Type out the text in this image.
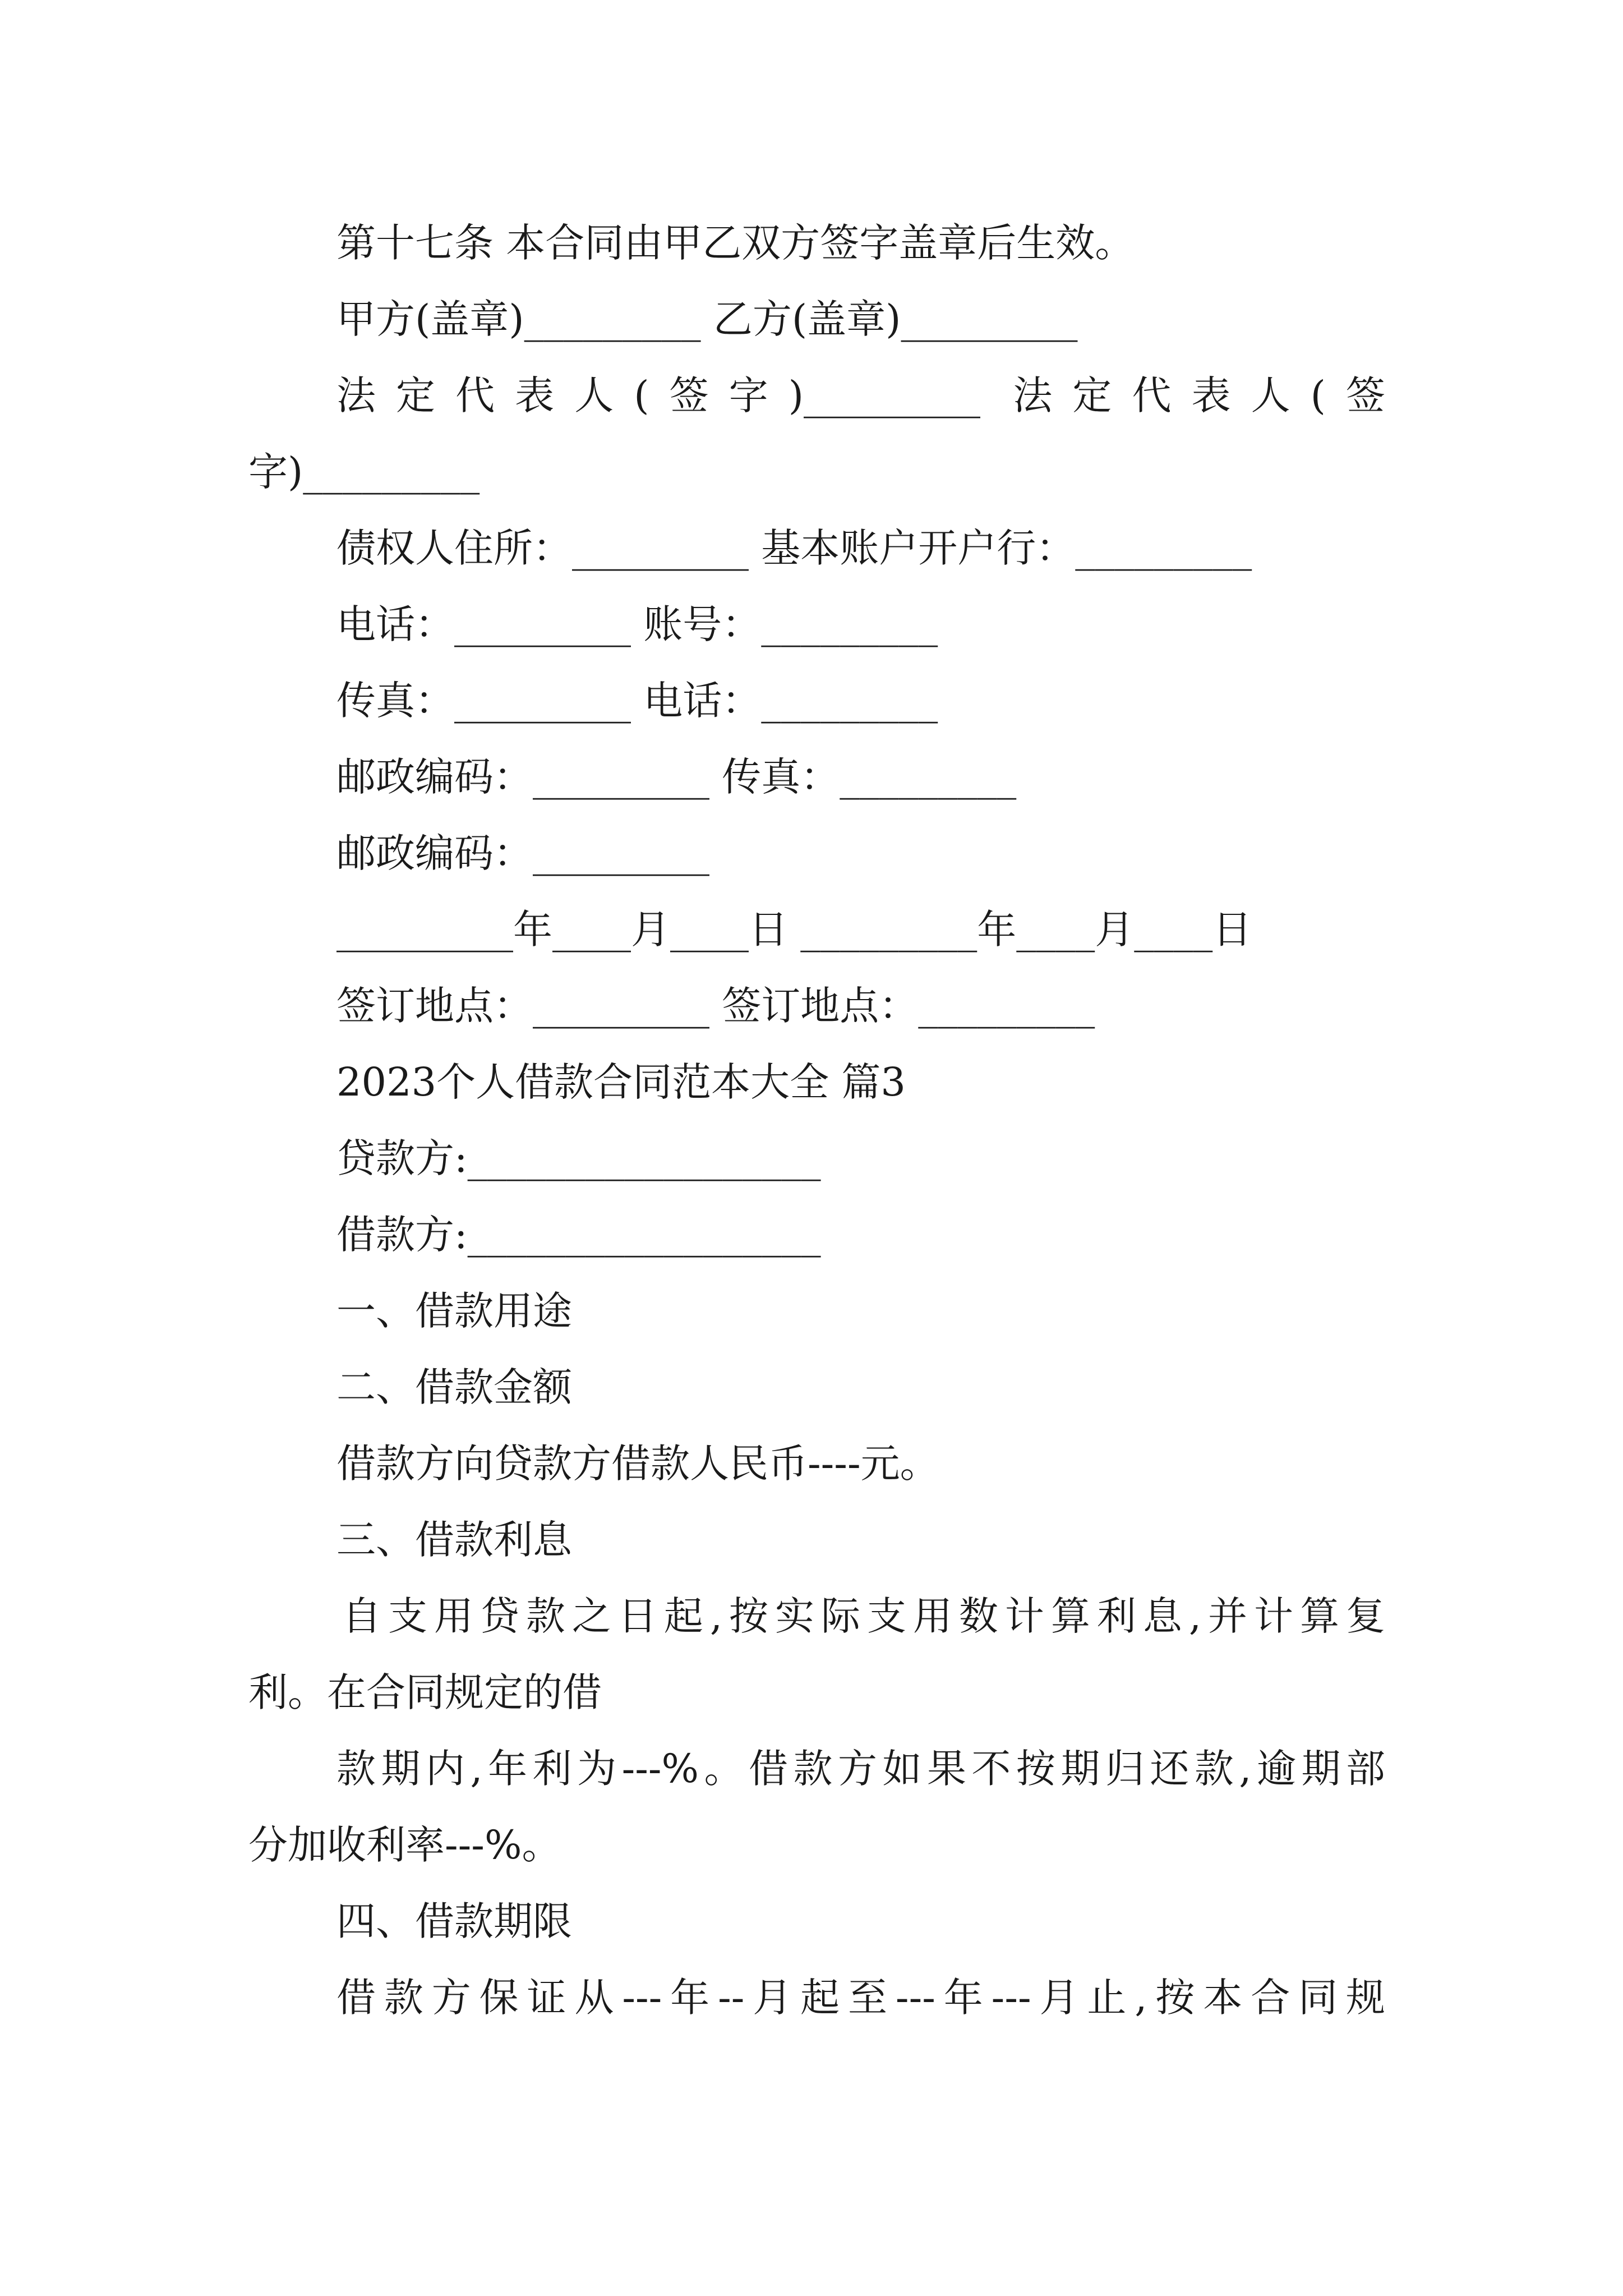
第十七条 本合同由甲乙双方签字盖章后生效。
甲方(盖章)_________ 乙方(盖章)_________
法定代表人(签字)_________ 法定代表人(签
字)_________
债权人住所：_________ 基本账户开户行：_________
电话：_________ 账号：_________
传真：_________ 电话：_________
邮政编码：_________ 传真：_________
邮政编码：_________
_________年____月____日 _________年____月____日
签订地点：_________ 签订地点：_________
2023个人借款合同范本大全 篇3
贷款方:__________________
借款方:__________________
一、借款用途
二、借款金额
借款方向贷款方借款人民币----元。
三、借款利息
自支用贷款之日起,按实际支用数计算利息,并计算复
利。在合同规定的借
款期内,年利为---%。借款方如果不按期归还款,逾期部
分加收利率---%。
四、借款期限
借款方保证从---年--月起至---年---月止,按本合同规
